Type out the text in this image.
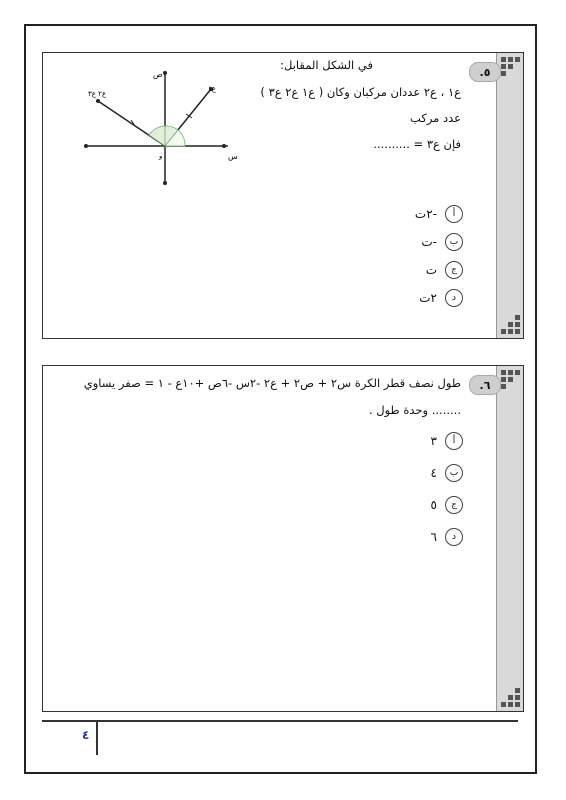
.٥
في الشكل المقابل:
ع١ ، ع٢ عددان مركبان وكان ( ع١ ع٢ ع٣ )
عدد مركب
فإن ع٣ = ..........
ص
س
و
ع١
ع٢ ع٣
أ
-٢ت
ب
-ت
ج
ت
د
٢ت
.٦
طول نصف قطر الكرة س٢ + ص٢ + ع٢ -٢س -٦ص +١٠ع - ١ = صفر يساوي
........ وحدة طول .
أ
٣
ب
٤
ج
٥
د
٦
٤
